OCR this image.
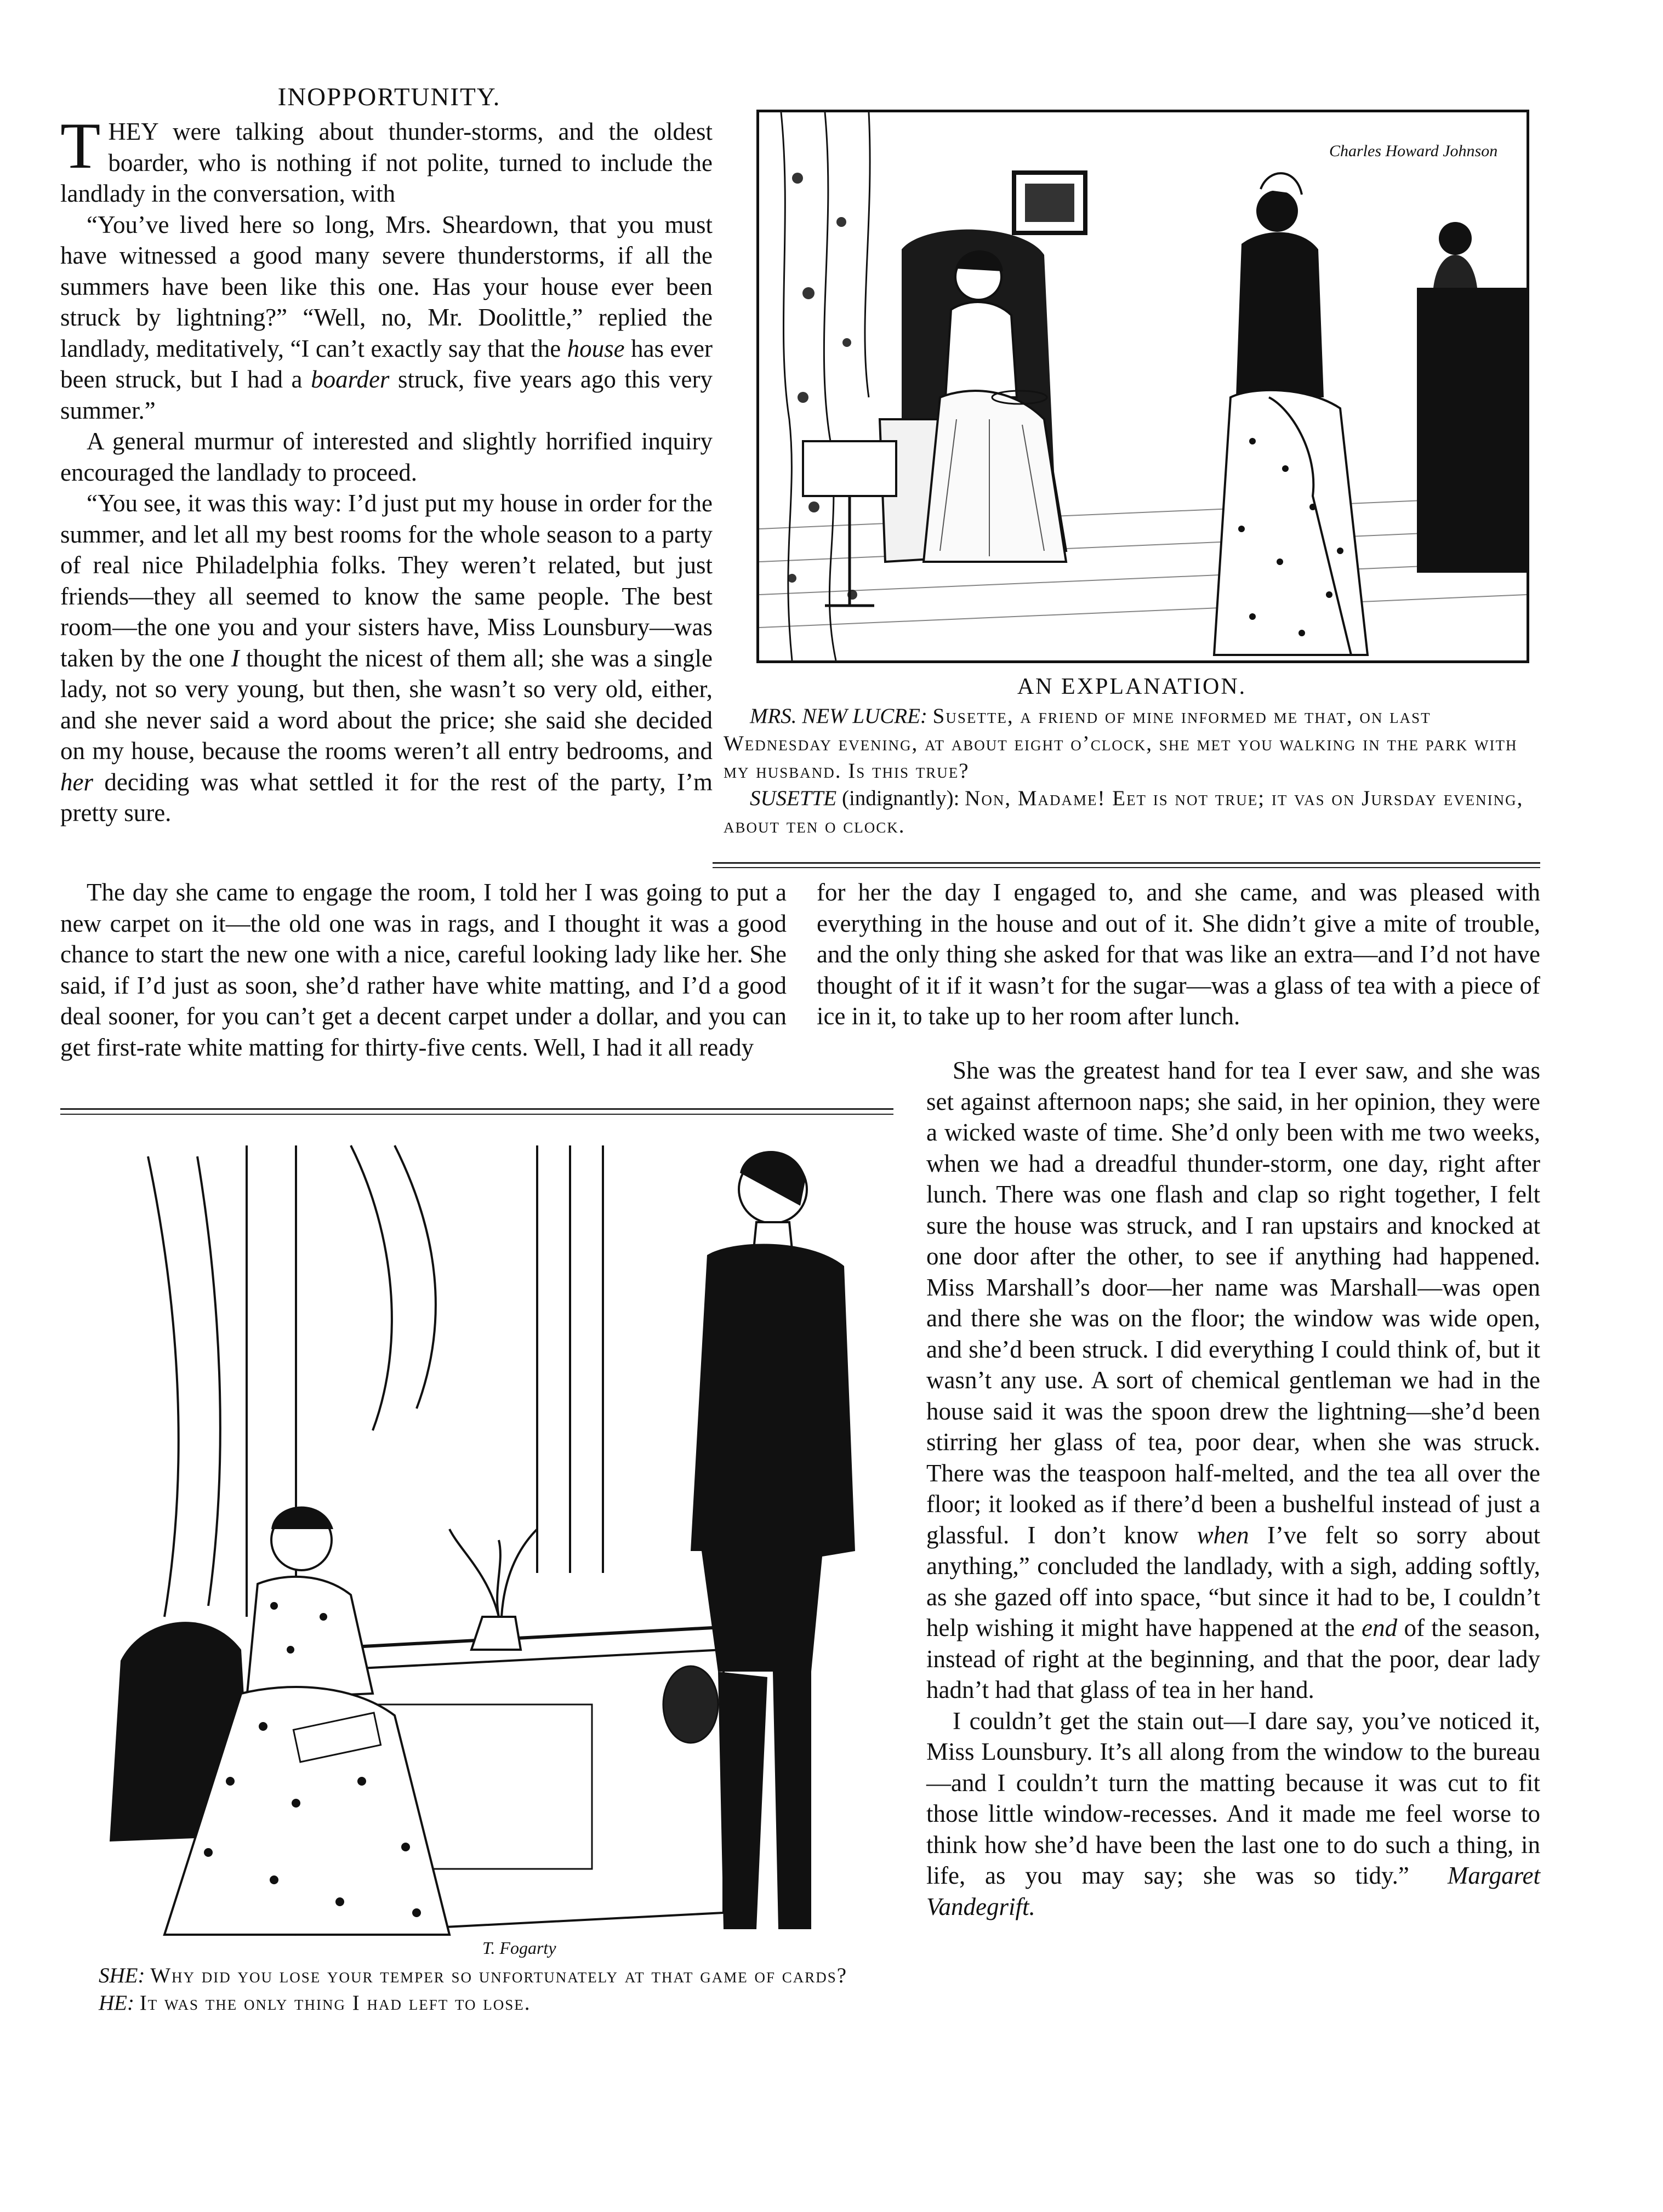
INOPPORTUNITY.

THEY were talking about thunder-storms, and the oldest boarder, who is nothing if not polite, turned to include the landlady in the conversation, with

“You’ve lived here so long, Mrs. Sheardown, that you must have witnessed a good many severe thunderstorms, if all the summers have been like this one. Has your house ever been struck by lightning?” “Well, no, Mr. Doolittle,” replied the landlady, meditatively, “I can’t exactly say that the house has ever been struck, but I had a boarder struck, five years ago this very summer.”

A general murmur of interested and slightly horrified inquiry encouraged the landlady to proceed.

“You see, it was this way: I’d just put my house in order for the summer, and let all my best rooms for the whole season to a party of real nice Philadelphia folks. They weren’t related, but just friends—they all seemed to know the same people. The best room—the one you and your sisters have, Miss Lounsbury—was taken by the one I thought the nicest of them all; she was a single lady, not so very young, but then, she wasn’t so very old, either, and she never said a word about the price; she said she decided on my house, because the rooms weren’t all entry bedrooms, and her deciding was what settled it for the rest of the party, I’m pretty sure.

The day she came to engage the room, I told her I was going to put a new carpet on it—the old one was in rags, and I thought it was a good chance to start the new one with a nice, careful looking lady like her. She said, if I’d just as soon, she’d rather have white matting, and I’d a good deal sooner, for you can’t get a decent carpet under a dollar, and you can get first-rate white matting for thirty-five cents. Well, I had it all ready

for her the day I engaged to, and she came, and was pleased with everything in the house and out of it. She didn’t give a mite of trouble, and the only thing she asked for that was like an extra—and I’d not have thought of it if it wasn’t for the sugar—was a glass of tea with a piece of ice in it, to take up to her room after lunch.

She was the greatest hand for tea I ever saw, and she was set against afternoon naps; she said, in her opinion, they were a wicked waste of time. She’d only been with me two weeks, when we had a dreadful thunder-storm, one day, right after lunch. There was one flash and clap so right together, I felt sure the house was struck, and I ran upstairs and knocked at one door after the other, to see if anything had happened. Miss Marshall’s door—her name was Marshall—was open and there she was on the floor; the window was wide open, and she’d been struck. I did everything I could think of, but it wasn’t any use. A sort of chemical gentleman we had in the house said it was the spoon drew the lightning—she’d been stirring her glass of tea, poor dear, when she was struck. There was the teaspoon half-melted, and the tea all over the floor; it looked as if there’d been a bushelful instead of just a glassful. I don’t know when I’ve felt so sorry about anything,” concluded the landlady, with a sigh, adding softly, as she gazed off into space, “but since it had to be, I couldn’t help wishing it might have happened at the end of the season, instead of right at the beginning, and that the poor, dear lady hadn’t had that glass of tea in her hand.

I couldn’t get the stain out—I dare say, you’ve noticed it, Miss Lounsbury. It’s all along from the window to the bureau—and I couldn’t turn the matting because it was cut to fit those little window-recesses. And it made me feel worse to think how she’d have been the last one to do such a thing, in life, as you may say; she was so tidy.” Margaret Vandegrift.

Charles Howard Johnson

AN EXPLANATION.

MRS. NEW LUCRE: Susette, a friend of mine informed me that, on last Wednesday evening, at about eight o’clock, she met you walking in the park with my husband. Is this true?

SUSETTE (indignantly): Non, Madame! Eet is not true; it vas on Jursday evening, about ten o clock.

T. Fogarty

SHE: Why did you lose your temper so unfortunately at that game of cards?

HE: It was the only thing I had left to lose.
